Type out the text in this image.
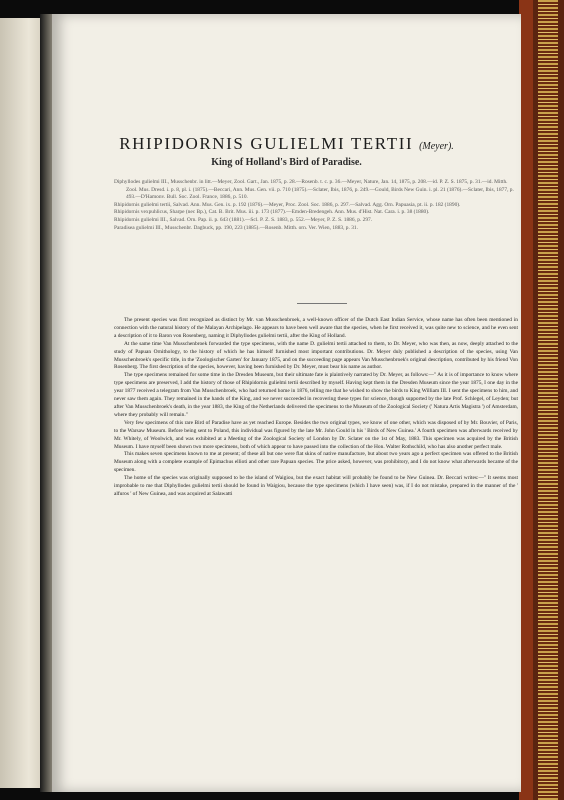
RHIPIDORNIS GULIELMI TERTII (Meyer).
King of Holland's Bird of Paradise.
Diphyllodes gulielmi III., Musschenbr. in litt.—Meyer, Zool. Gart., Jan. 1875, p. 28.—Rosenb. t. c. p. 36.—Meyer, Nature, Jan. 14, 1875, p. 208.—id. P. Z. S. 1875, p. 31.—id. Mitth. Zool. Mus. Dresd. i. p. 8, pl. i. (1875).—Beccari, Ann. Mus. Gen. vii. p. 710 (1875).—Sclater, Ibis, 1876, p. 249.—Gould, Birds New Guin. i. pl. 21 (1876).—Sclater, Ibis, 1877, p. 493.—D'Hamonv. Bull. Soc. Zool. France, 1886, p. 510.
Rhipidornis gulielmi tertii, Salvad. Ann. Mus. Gen. ix. p. 192 (1876).—Meyer, Proc. Zool. Soc. 1886, p. 297.—Salvad. Agg. Orn. Papuasia, pt. ii. p. 182 (1890).
Rhipidornis vexpuhlicus, Sharpe (nec Bp.), Cat. B. Brit. Mus. iii. p. 173 (1877).—Emden-Bredengeh. Ann. Mus. d'Hist. Nat. Cara. i. p. 38 (1880).
Rhipidornis gulielmi III., Salvad. Orn. Pap. ii. p. 643 (1881).—Scl. P. Z. S. 1883, p. 552.—Meyer, P. Z. S. 1886, p. 297.
Paradisea gulielmi III., Musschenbr. Dagbuck, pp. 190, 223 (1885).—Rosenb. Mitth. orn. Ver. Wien, 1883, p. 31.

The present species was first recognized as distinct by Mr. van Musschenbroek, a well-known officer of the Dutch East Indian Service, whose name has often been mentioned in connection with the natural history of the Malayan Archipelago. He appears to have been well aware that the species, when he first received it, was quite new to science, and he even sent a description of it to Baron von Rosenberg, naming it Diphyllodes gulielmi tertii, after the King of Holland.

At the same time Van Musschenbroek forwarded the type specimens, with the name D. gulielmi tertii attached to them, to Dr. Meyer, who was then, as now, deeply attached to the study of Papuan Ornithology, to the history of which he has himself furnished most important contributions. Dr. Meyer duly published a description of the species, using Van Musschenbroek's specific title, in the 'Zoologischer Garten' for January 1875, and on the succeeding page appears Van Musschenbroek's original description, contributed by his friend Von Rosenberg. The first description of the species, however, having been furnished by Dr. Meyer, must bear his name as author.

The type specimens remained for some time in the Dresden Museum, but their ultimate fate is plaintively narrated by Dr. Meyer, as follows:—" As it is of importance to know where type specimens are preserved, I add the history of those of Rhipidornis gulielmi tertii described by myself. Having kept them in the Dresden Museum since the year 1875, I one day in the year 1877 received a telegram from Van Musschenbroek, who had returned home in 1876, telling me that he wished to show the birds to King William III. I sent the specimens to him, and never saw them again. They remained in the hands of the King, and we never succeeded in recovering these types for science, though supported by the late Prof. Schlegel, of Leyden; but after Van Musschenbroek's death, in the year 1883, the King of the Netherlands delivered the specimens to the Museum of the Zoological Society (' Natura Artis Magistra ') of Amsterdam, where they probably will remain."

Very few specimens of this rare Bird of Paradise have as yet reached Europe. Besides the two original types, we know of one other, which was disposed of by Mr. Bouvier, of Paris, to the Warsaw Museum. Before being sent to Poland, this individual was figured by the late Mr. John Gould in his ' Birds of New Guinea.' A fourth specimen was afterwards received by Mr. Whitely, of Woolwich, and was exhibited at a Meeting of the Zoological Society of London by Dr. Sclater on the 1st of May, 1883. This specimen was acquired by the British Museum. I have myself been shown two more specimens, both of which appear to have passed into the collection of the Hon. Walter Rothschild, who has also another perfect male.

This makes seven specimens known to me at present; of these all but one were flat skins of native manufacture, but about two years ago a perfect specimen was offered to the British Museum along with a complete example of Epimachus ellioti and other rare Papuan species. The price asked, however, was prohibitory, and I do not know what afterwards became of the specimen.

The home of the species was originally supposed to be the island of Waigiou, but the exact habitat will probably be found to be New Guinea. Dr. Beccari writes:—" It seems most improbable to me that Diphyllodes gulielmi tertii should be found in Waigiou, because the type specimens (which I have seen) was, if I do not mistake, prepared in the manner of the ' alfuros ' of New Guinea, and was acquired at Salawatti
